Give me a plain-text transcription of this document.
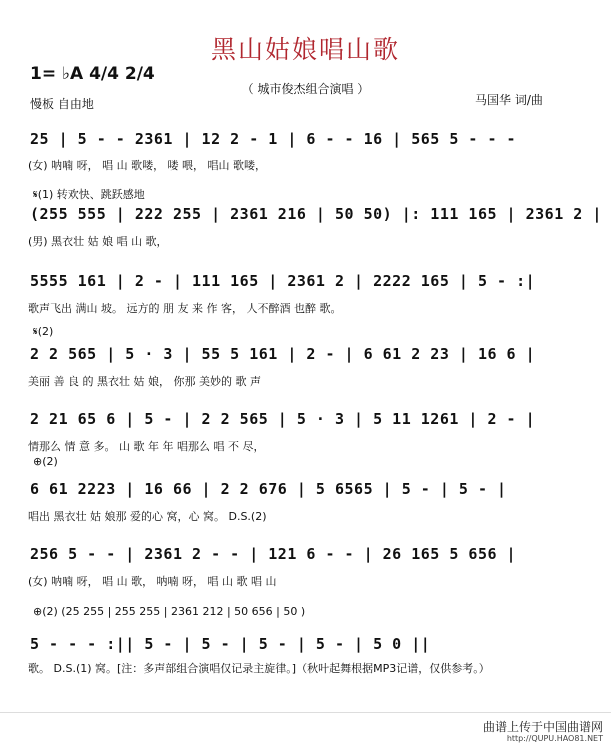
黑山姑娘唱山歌
（ 城市俊杰组合演唱 ）
1= ♭A 4/4 2/4
慢板 自由地	马国华 词/曲
25 | 5 - - 2361 | 12 2 - 1 | 6 - - 16 | 565 5 - - -
(女) 呐喃 呀， 唱 山 歌喽， 喽 喂， 唱山 歌喽，
𝄋(1) 转欢快、跳跃感地
(255 555 | 222 255 | 2361 216 | 50 50) |: 111 165 | 2361 2 |
(男) 黑衣壮 姑 娘 唱 山 歌，
5555 161 | 2 - | 111 165 | 2361 2 | 2222 165 | 5 - :|
歌声飞出 满山 坡。 远方的 朋 友 来 作 客， 人不醉酒 也醉 歌。
𝄋(2)
2 2 565 | 5 · 3 | 55 5 161 | 2 - | 6 61 2 23 | 16 6 |
美丽 善 良 的 黑衣壮 姑 娘， 你那 美妙的 歌 声
2 21 65 6 | 5 - | 2 2 565 | 5 · 3 | 5 11 1261 | 2 - |
情那么 情 意 多。 山 歌 年 年 唱那么 唱 不 尽，
⊕(2)
6 61 2223 | 16 66 | 2 2 676 | 5 6565 | 5 - | 5 - |
唱出 黑衣壮 姑 娘那 爱的心 窝，心 窝。 D.S.(2)
256 5 - - | 2361 2 - - | 121 6 - - | 26 165 5 656 |
(女) 呐喃 呀， 唱 山 歌， 呐喃 呀， 唱 山 歌 唱 山
⊕(2) (25 255 | 255 255 | 2361 212 | 50 656 | 50 )
5 - - - :|| 5 - | 5 - | 5 - | 5 - | 5 0 ||
歌。 D.S.(1) 窝。[注：多声部组合演唱仅记录主旋律。]（秋叶起舞根据MP3记谱，仅供参考。）
曲谱上传于中国曲谱网
http://QUPU.HAO81.NET
